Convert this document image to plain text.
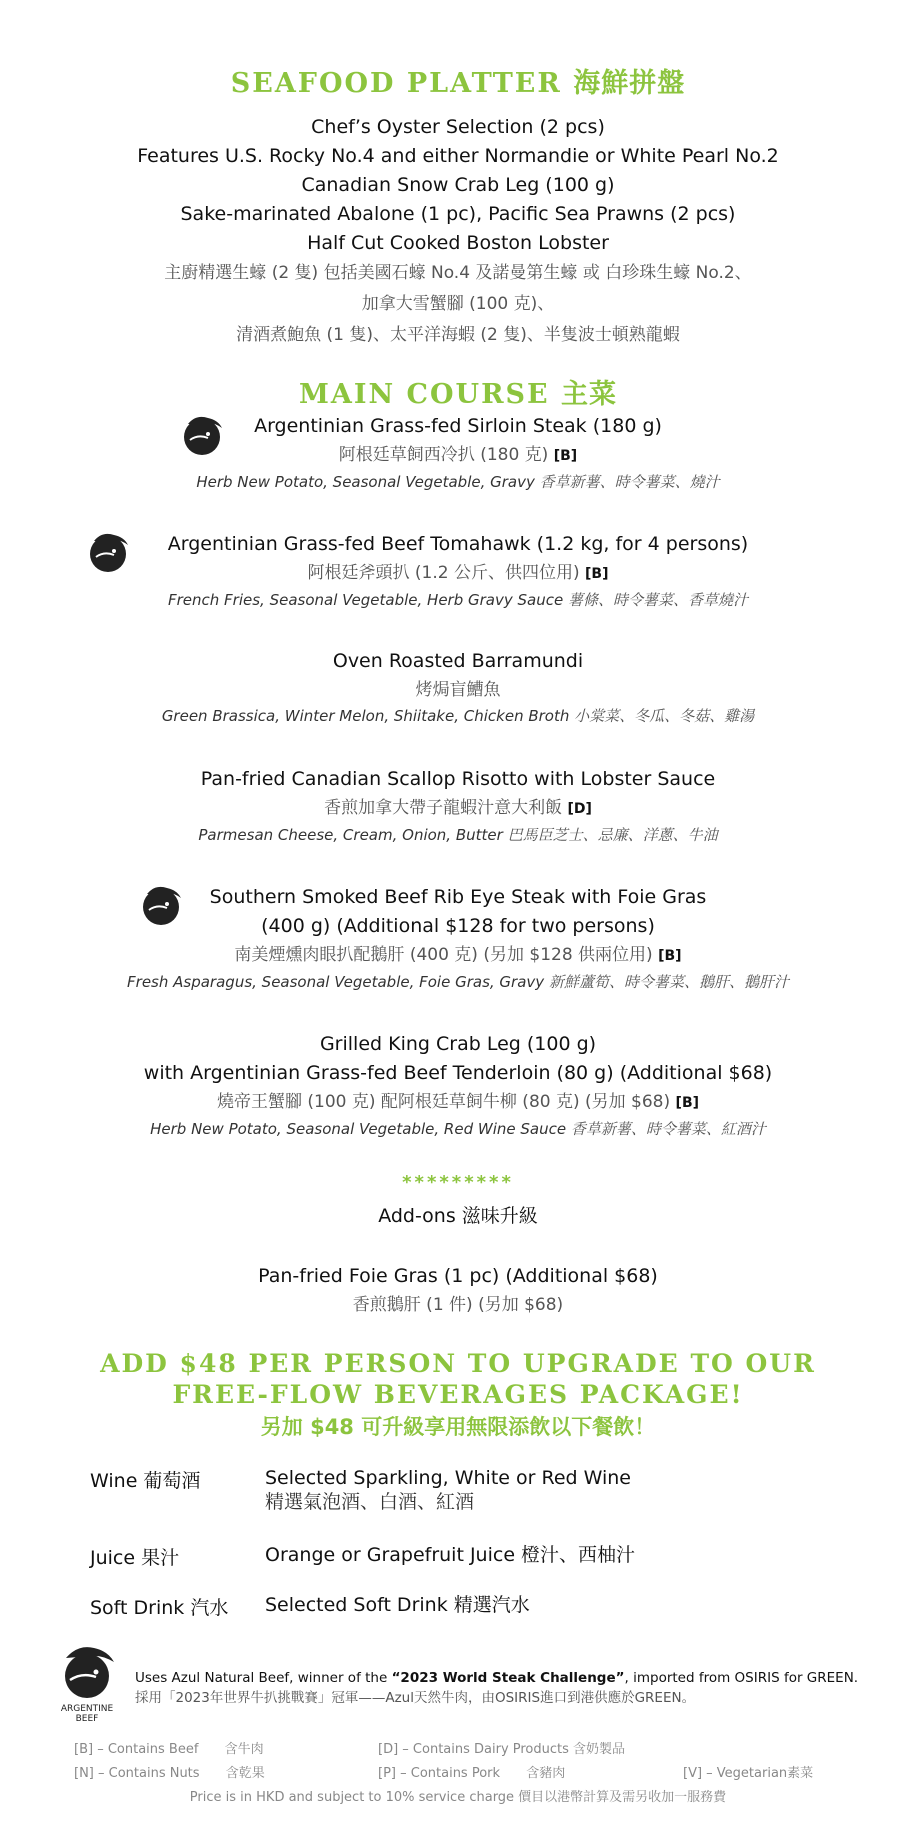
SEAFOOD PLATTER 海鮮拼盤
Chef’s Oyster Selection (2 pcs)
Features U.S. Rocky No.4 and either Normandie or White Pearl No.2
Canadian Snow Crab Leg (100 g)
Sake-marinated Abalone (1 pc), Pacific Sea Prawns (2 pcs)
Half Cut Cooked Boston Lobster
主廚精選生蠔 (2 隻) 包括美國石蠔 No.4 及諾曼第生蠔 或 白珍珠生蠔 No.2、
加拿大雪蟹腳 (100 克)、
清酒煮鮑魚 (1 隻)、太平洋海蝦 (2 隻)、半隻波士頓熟龍蝦
MAIN COURSE 主菜
Argentinian Grass-fed Sirloin Steak (180 g)
阿根廷草飼西冷扒 (180 克) [B]
Herb New Potato, Seasonal Vegetable, Gravy 香草新薯、時令薯菜、燒汁
Argentinian Grass-fed Beef Tomahawk (1.2 kg, for 4 persons)
阿根廷斧頭扒 (1.2 公斤、供四位用) [B]
French Fries, Seasonal Vegetable, Herb Gravy Sauce 薯條、時令薯菜、香草燒汁
Oven Roasted Barramundi
烤焗盲鰽魚
Green Brassica, Winter Melon, Shiitake, Chicken Broth 小棠菜、冬瓜、冬菇、雞湯
Pan-fried Canadian Scallop Risotto with Lobster Sauce
香煎加拿大帶子龍蝦汁意大利飯 [D]
Parmesan Cheese, Cream, Onion, Butter 巴馬臣芝士、忌廉、洋蔥、牛油
Southern Smoked Beef Rib Eye Steak with Foie Gras
(400 g) (Additional $128 for two persons)
南美煙燻肉眼扒配鵝肝 (400 克) (另加 $128 供兩位用) [B]
Fresh Asparagus, Seasonal Vegetable, Foie Gras, Gravy 新鮮蘆筍、時令薯菜、鵝肝、鵝肝汁
Grilled King Crab Leg (100 g)
with Argentinian Grass-fed Beef Tenderloin (80 g) (Additional $68)
燒帝王蟹腳 (100 克) 配阿根廷草飼牛柳 (80 克) (另加 $68) [B]
Herb New Potato, Seasonal Vegetable, Red Wine Sauce 香草新薯、時令薯菜、紅酒汁
*********
Add-ons 滋味升級
Pan-fried Foie Gras (1 pc) (Additional $68)
香煎鵝肝 (1 件) (另加 $68)
ADD $48 PER PERSON TO UPGRADE TO OUR
FREE-FLOW BEVERAGES PACKAGE!
另加 $48 可升級享用無限添飲以下餐飲！
Wine 葡萄酒	Selected Sparkling, White or Red Wine
精選氣泡酒、白酒、紅酒
Juice 果汁	Orange or Grapefruit Juice 橙汁、西柚汁
Soft Drink 汽水 Selected Soft Drink 精選汽水
ARGENTINE BEEF
Uses Azul Natural Beef, winner of the “2023 World Steak Challenge”, imported from OSIRIS for GREEN.
採用「2023年世界牛扒挑戰賽」冠軍——Azul天然牛肉，由OSIRIS進口到港供應於GREEN。
[B] – Contains Beef 含牛肉	[D] – Contains Dairy Products 含奶製品
[N] – Contains Nuts 含乾果	[P] – Contains Pork 含豬肉	[V] – Vegetarian素菜
Price is in HKD and subject to 10% service charge 價目以港幣計算及需另收加一服務費
